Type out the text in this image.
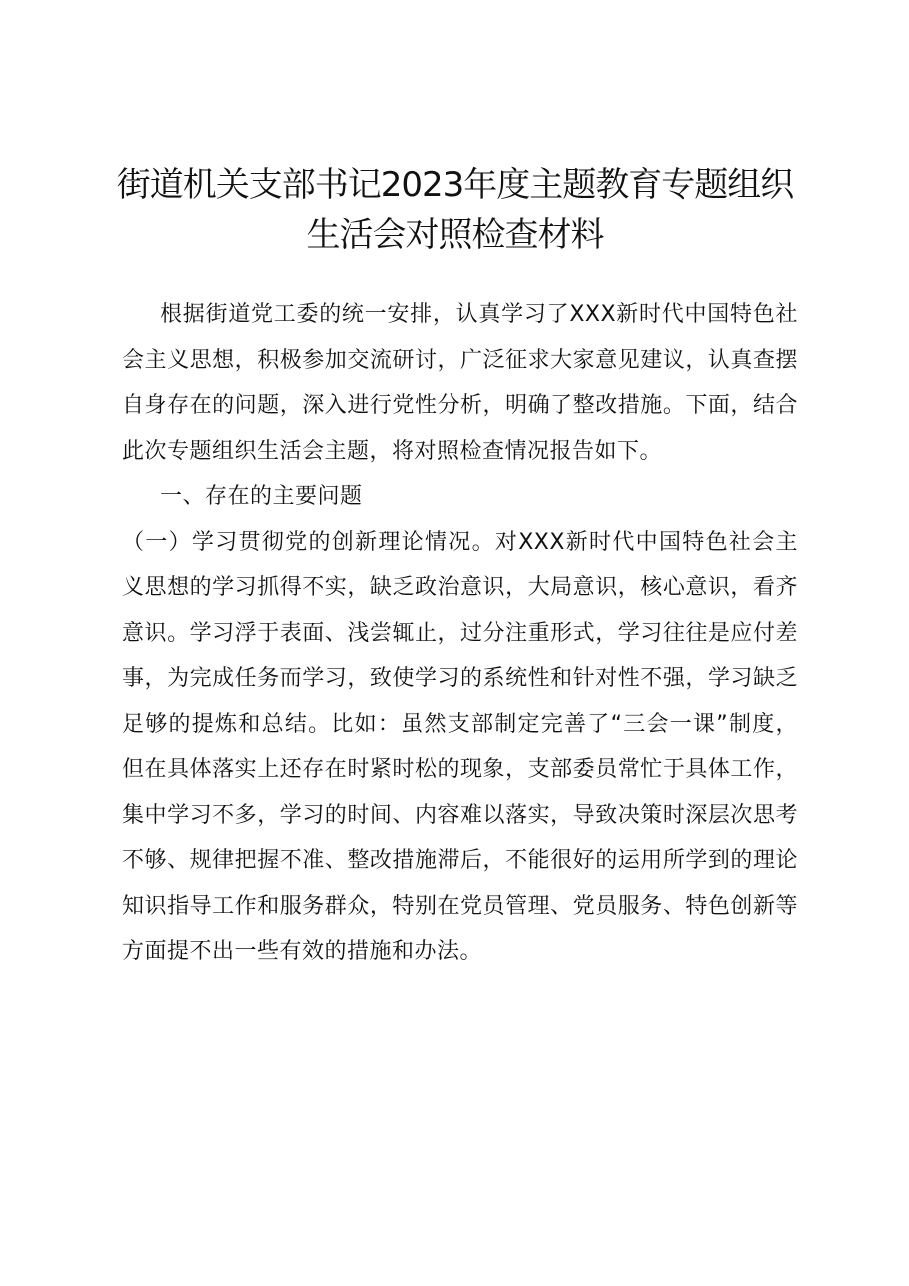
街道机关支部书记2023年度主题教育专题组织生活会对照检查材料

根据街道党工委的统一安排，认真学习了XXX新时代中国特色社会主义思想，积极参加交流研讨，广泛征求大家意见建议，认真查摆自身存在的问题，深入进行党性分析，明确了整改措施。下面，结合此次专题组织生活会主题，将对照检查情况报告如下。

一、存在的主要问题

（一）学习贯彻党的创新理论情况。对XXX新时代中国特色社会主义思想的学习抓得不实，缺乏政治意识，大局意识，核心意识，看齐意识。学习浮于表面、浅尝辄止，过分注重形式，学习往往是应付差事，为完成任务而学习，致使学习的系统性和针对性不强，学习缺乏足够的提炼和总结。比如：虽然支部制定完善了“三会一课”制度，但在具体落实上还存在时紧时松的现象，支部委员常忙于具体工作，集中学习不多，学习的时间、内容难以落实，导致决策时深层次思考不够、规律把握不准、整改措施滞后，不能很好的运用所学到的理论知识指导工作和服务群众，特别在党员管理、党员服务、特色创新等方面提不出一些有效的措施和办法。
